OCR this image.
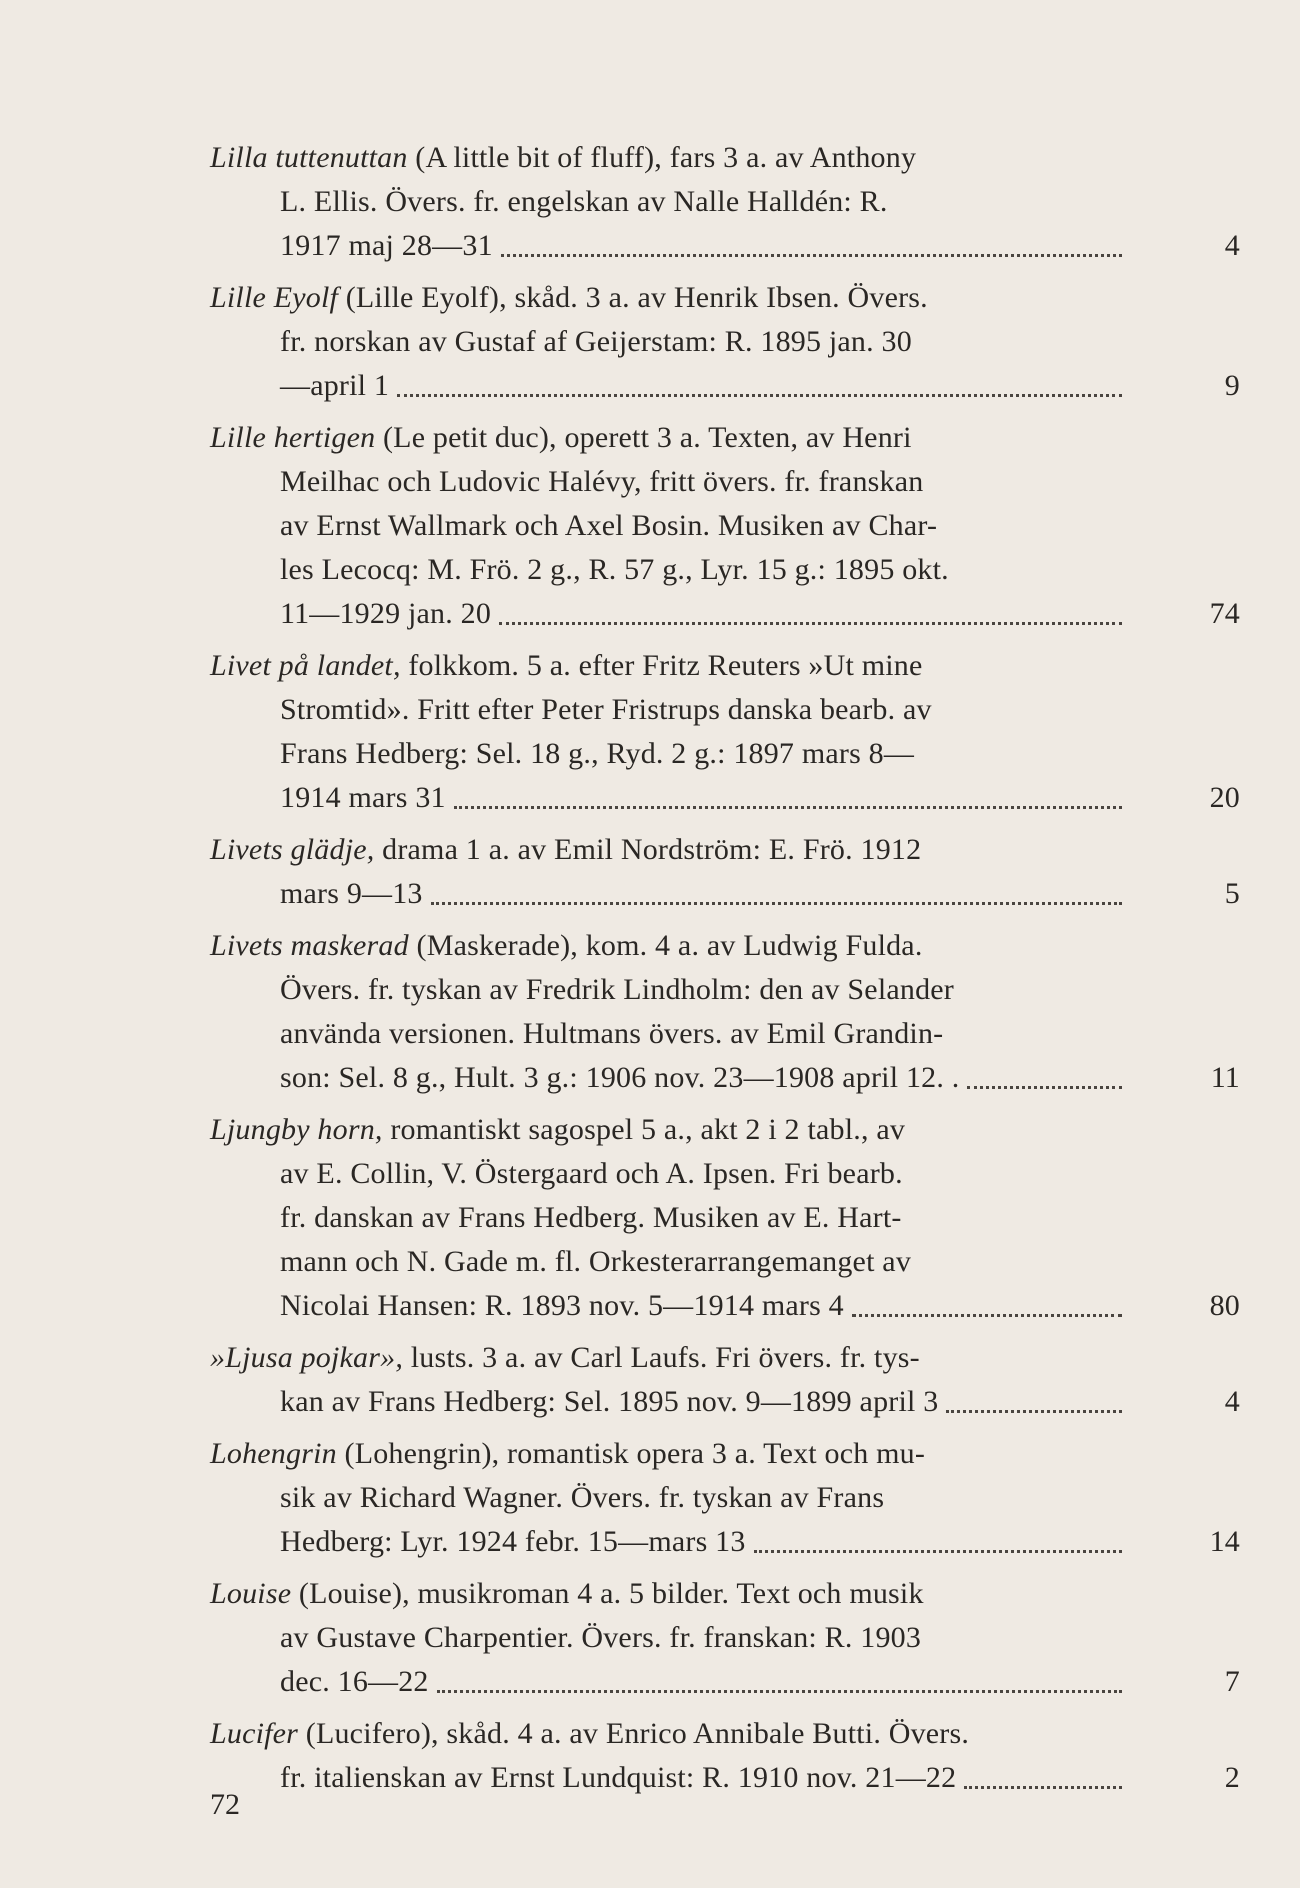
Lilla tuttenuttan (A little bit of fluff), fars 3 a. av Anthony
L. Ellis. Övers. fr. engelskan av Nalle Halldén: R.
1917 maj 28—31	4
Lille Eyolf (Lille Eyolf), skåd. 3 a. av Henrik Ibsen. Övers.
fr. norskan av Gustaf af Geijerstam: R. 1895 jan. 30
—april 1	9
Lille hertigen (Le petit duc), operett 3 a. Texten, av Henri
Meilhac och Ludovic Halévy, fritt övers. fr. franskan
av Ernst Wallmark och Axel Bosin. Musiken av Char-
les Lecocq: M. Frö. 2 g., R. 57 g., Lyr. 15 g.: 1895 okt.
11—1929 jan. 20	74
Livet på landet, folkkom. 5 a. efter Fritz Reuters »Ut mine
Stromtid». Fritt efter Peter Fristrups danska bearb. av
Frans Hedberg: Sel. 18 g., Ryd. 2 g.: 1897 mars 8—
1914 mars 31	20
Livets glädje, drama 1 a. av Emil Nordström: E. Frö. 1912
mars 9—13	5
Livets maskerad (Maskerade), kom. 4 a. av Ludwig Fulda.
Övers. fr. tyskan av Fredrik Lindholm: den av Selander
använda versionen. Hultmans övers. av Emil Grandin-
son: Sel. 8 g., Hult. 3 g.: 1906 nov. 23—1908 april 12. .	11
Ljungby horn, romantiskt sagospel 5 a., akt 2 i 2 tabl., av
av E. Collin, V. Östergaard och A. Ipsen. Fri bearb.
fr. danskan av Frans Hedberg. Musiken av E. Hart-
mann och N. Gade m. fl. Orkesterarrangemanget av
Nicolai Hansen: R. 1893 nov. 5—1914 mars 4	80
»Ljusa pojkar», lusts. 3 a. av Carl Laufs. Fri övers. fr. tys-
kan av Frans Hedberg: Sel. 1895 nov. 9—1899 april 3	4
Lohengrin (Lohengrin), romantisk opera 3 a. Text och mu-
sik av Richard Wagner. Övers. fr. tyskan av Frans
Hedberg: Lyr. 1924 febr. 15—mars 13	14
Louise (Louise), musikroman 4 a. 5 bilder. Text och musik
av Gustave Charpentier. Övers. fr. franskan: R. 1903
dec. 16—22	7
Lucifer (Lucifero), skåd. 4 a. av Enrico Annibale Butti. Övers.
fr. italienskan av Ernst Lundquist: R. 1910 nov. 21—22	2
72
